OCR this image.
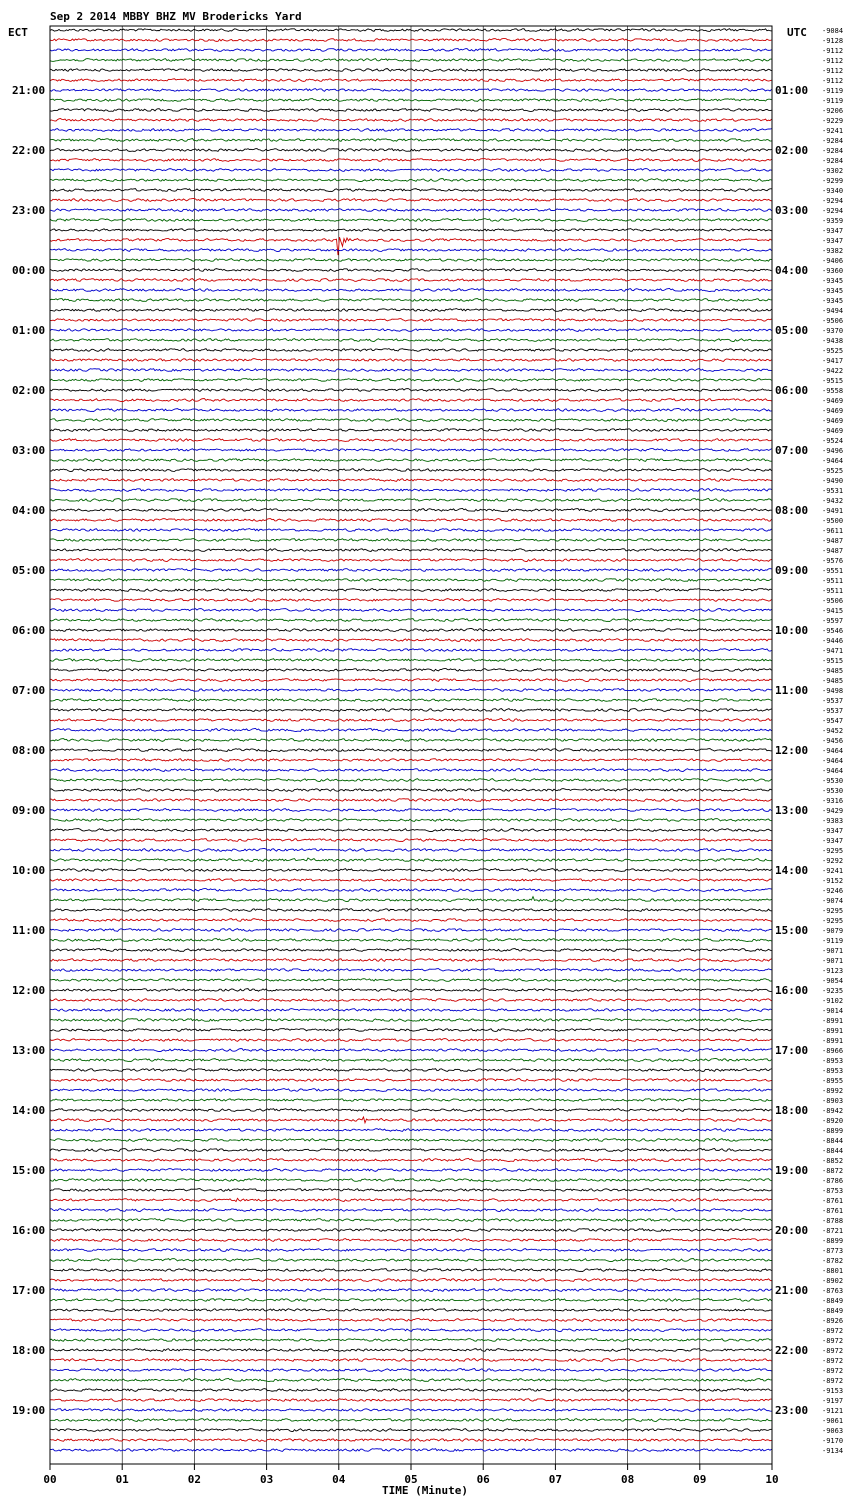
Sep 2 2014 MBBY BHZ MV Brodericks Yard
ECT	UTC
21:00
22:00
23:00
00:00
01:00
02:00
03:00
04:00
05:00
06:00
07:00
08:00
09:00
10:00
11:00
12:00
13:00
14:00
15:00
16:00
17:00
18:00
19:00
01:00
02:00
03:00
04:00
05:00
06:00
07:00
08:00
09:00
10:00
11:00
12:00
13:00
14:00
15:00
16:00
17:00
18:00
19:00
20:00
21:00
22:00
23:00
-9084
-9128
-9112
-9112
-9112
-9112
-9119
-9119
-9206
-9229
-9241
-9284
-9284
-9284
-9302
-9299
-9340
-9294
-9294
-9359
-9347
-9347
-9382
-9406
-9360
-9345
-9345
-9345
-9494
-9506
-9370
-9438
-9525
-9417
-9422
-9515
-9558
-9469
-9469
-9469
-9469
-9524
-9496
-9464
-9525
-9490
-9531
-9432
-9491
-9500
-9611
-9487
-9487
-9576
-9551
-9511
-9511
-9506
-9415
-9597
-9546
-9446
-9471
-9515
-9485
-9485
-9498
-9537
-9537
-9547
-9452
-9456
-9464
-9464
-9464
-9530
-9530
-9316
-9429
-9383
-9347
-9347
-9295
-9292
-9241
-9152
-9246
-9074
-9295
-9295
-9079
-9119
-9071
-9071
-9123
-9054
-9235
-9102
-9014
-8991
-8991
-8991
-8966
-8953
-8953
-8955
-8992
-8903
-8942
-8920
-8899
-8844
-8844
-8852
-8872
-8786
-8753
-8761
-8761
-8788
-8721
-8899
-8773
-8782
-8801
-8902
-8763
-8849
-8849
-8926
-8972
-8972
-8972
-8972
-8972
-8972
-9153
-9197
-9121
-9061
-9063
-9170
-9134
00	01	02	03	04	05	06	07	08	09	10
TIME (Minute)
